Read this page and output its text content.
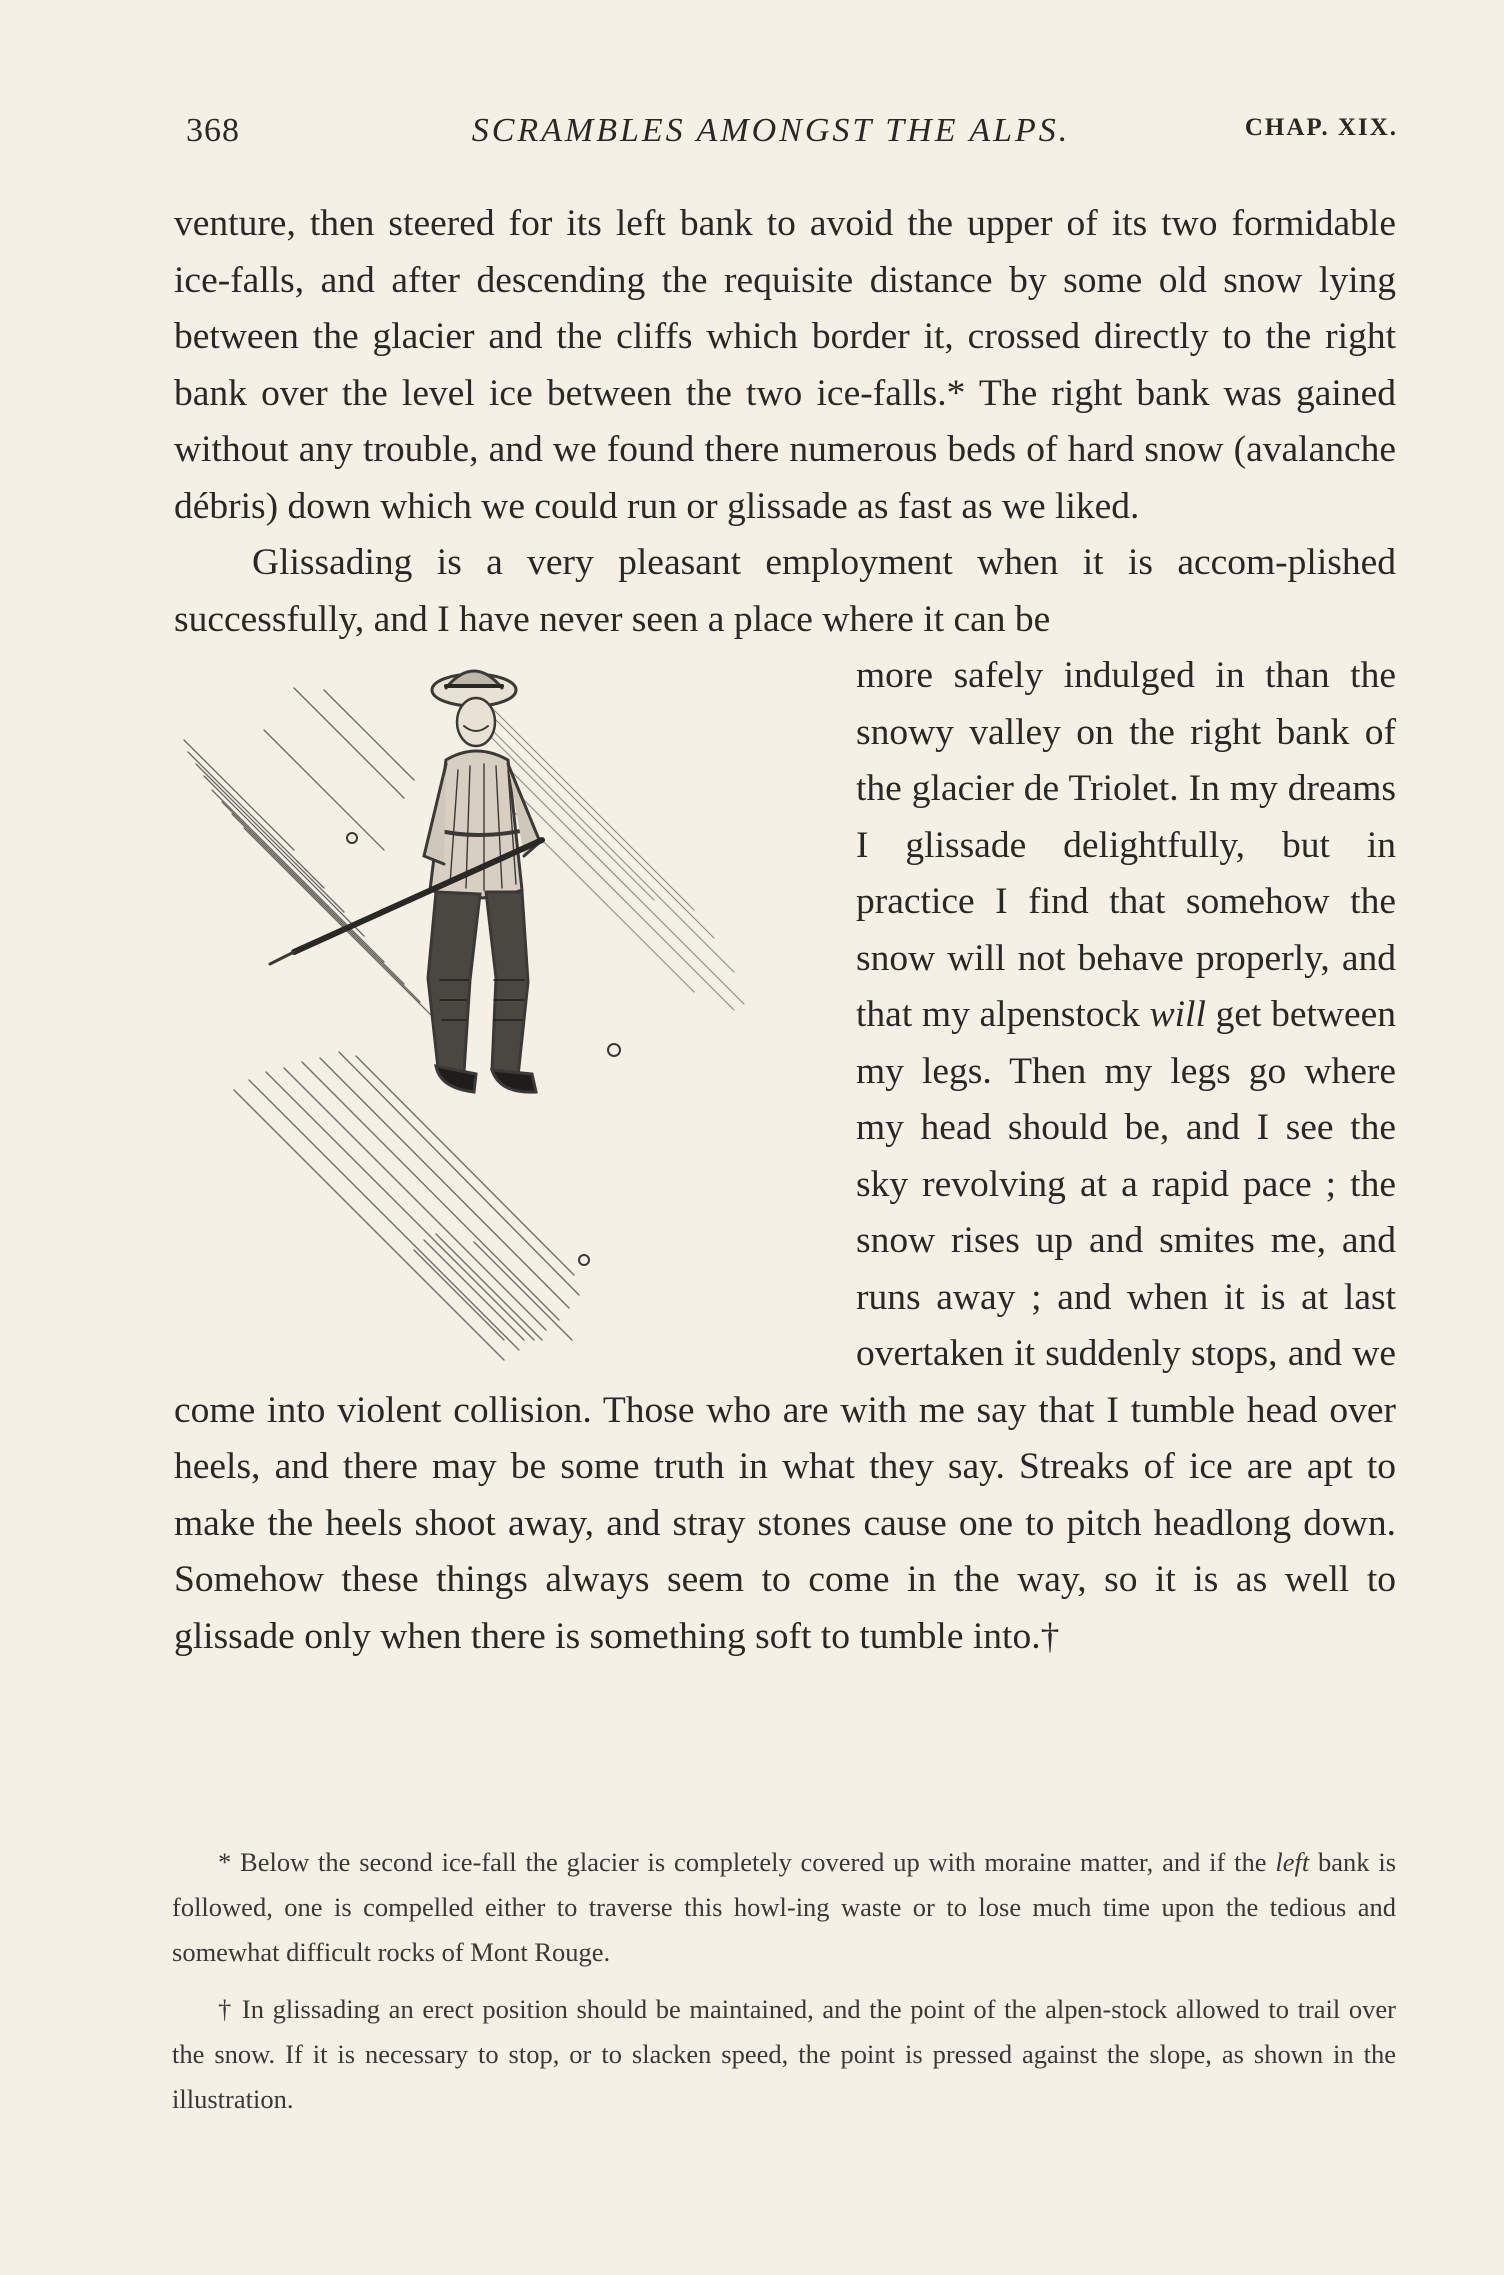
368	SCRAMBLES AMONGST THE ALPS.	CHAP. XIX.

venture, then steered for its left bank to avoid the upper of its two formidable ice-falls, and after descending the requisite distance by some old snow lying between the glacier and the cliffs which border it, crossed directly to the right bank over the level ice between the two ice-falls.* The right bank was gained without any trouble, and we found there numerous beds of hard snow (avalanche débris) down which we could run or glissade as fast as we liked.

Glissading is a very pleasant employment when it is accom-plished successfully, and I have never seen a place where it can be

more safely indulged in than the snowy valley on the right bank of the glacier de Triolet. In my dreams I glissade delightfully, but in practice I find that somehow the snow will not behave properly, and that my alpenstock will get between my legs. Then my legs go where my head should be, and I see the sky revolving at a rapid pace ; the snow rises up and smites me, and runs away ; and when it is at last overtaken it suddenly stops, and we come into violent collision. Those who are with me say that I tumble head over heels, and there may be some truth in what they say. Streaks of ice are apt to make the heels shoot away, and stray stones cause one to pitch headlong down. Somehow these things always seem to come in the way, so it is as well to glissade only when there is something soft to tumble into.†

* Below the second ice-fall the glacier is completely covered up with moraine matter, and if the left bank is followed, one is compelled either to traverse this howl-ing waste or to lose much time upon the tedious and somewhat difficult rocks of Mont Rouge.

† In glissading an erect position should be maintained, and the point of the alpen-stock allowed to trail over the snow. If it is necessary to stop, or to slacken speed, the point is pressed against the slope, as shown in the illustration.
